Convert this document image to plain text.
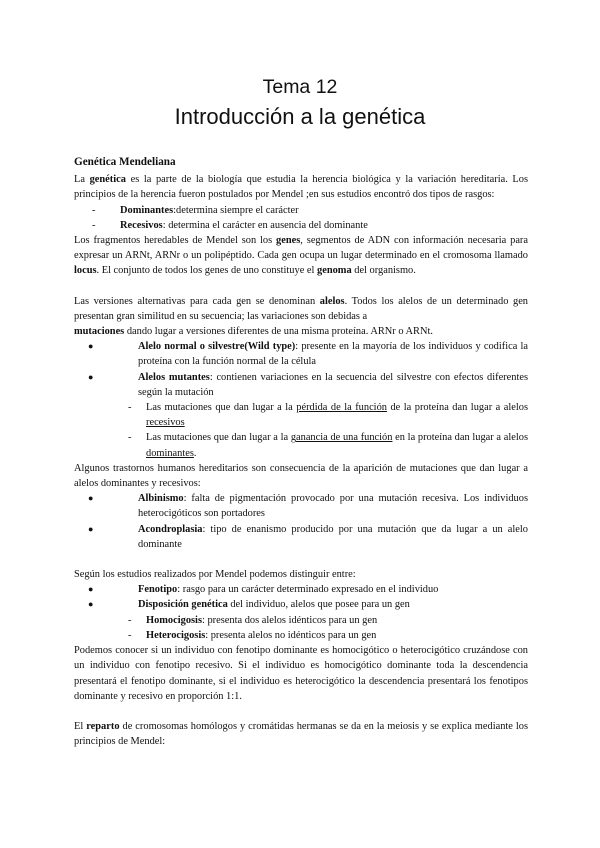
Tema 12
Introducción a la genética
Genética Mendeliana

La genética es la parte de la biología que estudia la herencia biológica y la variación hereditaria. Los principios de la herencia fueron postulados por Mendel ;en sus estudios encontró dos tipos de rasgos:

- Dominantes:determina siempre el carácter
- Recesivos: determina el carácter en ausencia del dominante

Los fragmentos heredables de Mendel son los genes, segmentos de ADN con información necesaria para expresar un ARNt, ARNr o un polipéptido. Cada gen ocupa un lugar determinado en el cromosoma llamado locus. El conjunto de todos los genes de uno constituye el genoma del organismo.

Las versiones alternativas para cada gen se denominan alelos. Todos los alelos de un determinado gen presentan gran similitud en su secuencia; las variaciones son debidas a

mutaciones dando lugar a versiones diferentes de una misma proteína. ARNr o ARNt.

●	Alelo normal o silvestre(Wild type): presente en la mayoría de los individuos y codifica la proteína con la función normal de la célula
●	Alelos mutantes: contienen variaciones en la secuencia del silvestre con efectos diferentes según la mutación
- Las mutaciones que dan lugar a la pérdida de la función de la proteína dan lugar a alelos recesivos
- Las mutaciones que dan lugar a la ganancia de una función en la proteína dan lugar a alelos dominantes.

Algunos trastornos humanos hereditarios son consecuencia de la aparición de mutaciones que dan lugar a alelos dominantes y recesivos:

●	Albinismo: falta de pigmentación provocado por una mutación recesiva. Los individuos heterocigóticos son portadores
●	Acondroplasia: tipo de enanismo producido por una mutación que da lugar a un alelo dominante

Según los estudios realizados por Mendel podemos distinguir entre:

●	Fenotipo: rasgo para un carácter determinado expresado en el individuo
●	Disposición genética del individuo, alelos que posee para un gen
- Homocigosis: presenta dos alelos idénticos para un gen
- Heterocigosis: presenta alelos no idénticos para un gen

Podemos conocer si un individuo con fenotipo dominante es homocigótico o heterocigótico cruzándose con un individuo con fenotipo recesivo. Si el individuo es homocigótico dominante toda la descendencia presentará el fenotipo dominante, si el individuo es heterocigótico la descendencia presentará los fenotipos dominante y recesivo en proporción 1:1.

El reparto de cromosomas homólogos y cromátidas hermanas se da en la meiosis y se explica mediante los principios de Mendel:
